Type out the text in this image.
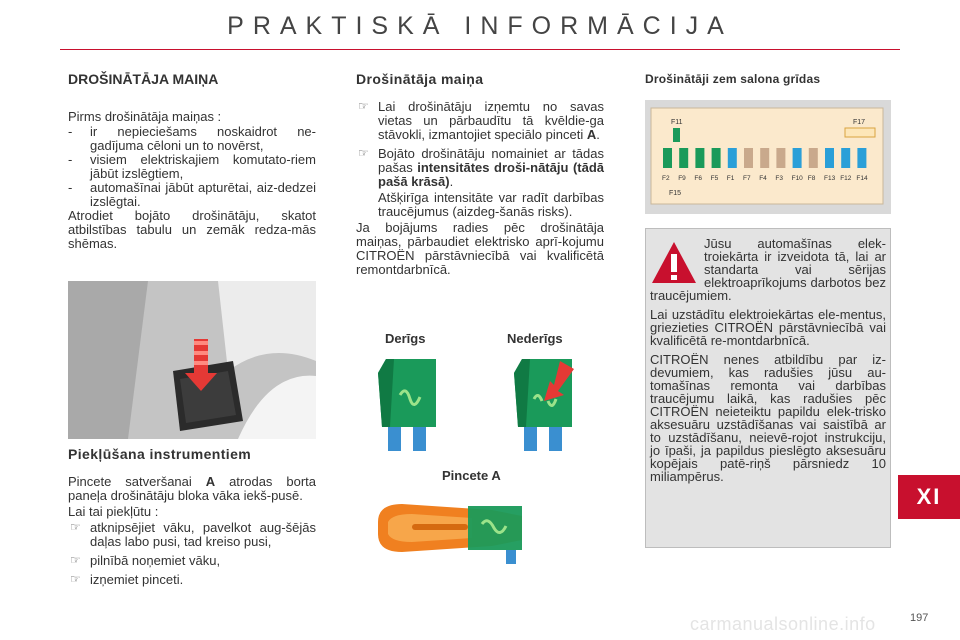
PRAKTISKĀ INFORMĀCIJA
DROŠINĀTĀJA MAIŅA

Pirms drošinātāja maiņas :

- ir nepieciešams noskaidrot ne-gadījuma cēloni un to novērst,
- visiem elektriskajiem komutato-riem jābūt izslēgtiem,
- automašīnai jābūt apturētai, aiz-dedzei izslēgtai.

Atrodiet bojāto drošinātāju, skatot atbilstības tabulu un zemāk redza-mās shēmas.

Piekļūšana instrumentiem

Pincete satveršanai A atrodas borta paneļa drošinātāju bloka vāka iekš-pusē.

Lai tai piekļūtu :

☞ atknipsējiet vāku, pavelkot aug-šējās daļas labo pusi, tad kreiso pusi,
☞ pilnībā noņemiet vāku,
☞ izņemiet pinceti.
Drošinātāja maiņa
☞ Lai drošinātāju izņemtu no savas vietas un pārbaudītu tā kvēldie-ga stāvokli, izmantojiet speciālo pinceti A.
☞ Bojāto drošinātāju nomainiet ar tādas pašas intensitātes droši-nātāju (tādā pašā krāsā).
Atšķirīga intensitāte var radīt darbības traucējumus (aizdeg-šanās risks).

Ja bojājums radies pēc drošinātāja maiņas, pārbaudiet elektrisko aprī-kojumu CITROËN pārstāvniecībā vai kvalificētā remontdarbnīcā.

Derīgs	Nederīgs
Pincete A
Drošinātāji zem salona grīdas
F11	F17
F2 F9 F6 F5 F1 F7 F4 F3 F10 F8 F13 F12 F14
F15

Jūsu automašīnas elek-troiekārta ir izveidota tā, lai ar standarta vai sērijas elektroaprīkojums darbotos bez traucējumiem.

Lai uzstādītu elektroiekārtas ele-mentus, griezieties CITROËN pārstāvniecībā vai kvalificētā re-montdarbnīcā.

CITROËN nenes atbildību par iz-devumiem, kas radušies jūsu au-tomašīnas remonta vai darbības traucējumu laikā, kas radušies pēc CITROËN neieteiktu papildu elek-trisko aksesuāru uzstādīšanas vai saistībā ar to uzstādīšanu, neievē-rojot instrukciju, jo īpaši, ja papildus pieslēgto aksesuāru kopējais patē-riņš pārsniedz 10 miliampērus.

XI
carmanualsonline.info	197
